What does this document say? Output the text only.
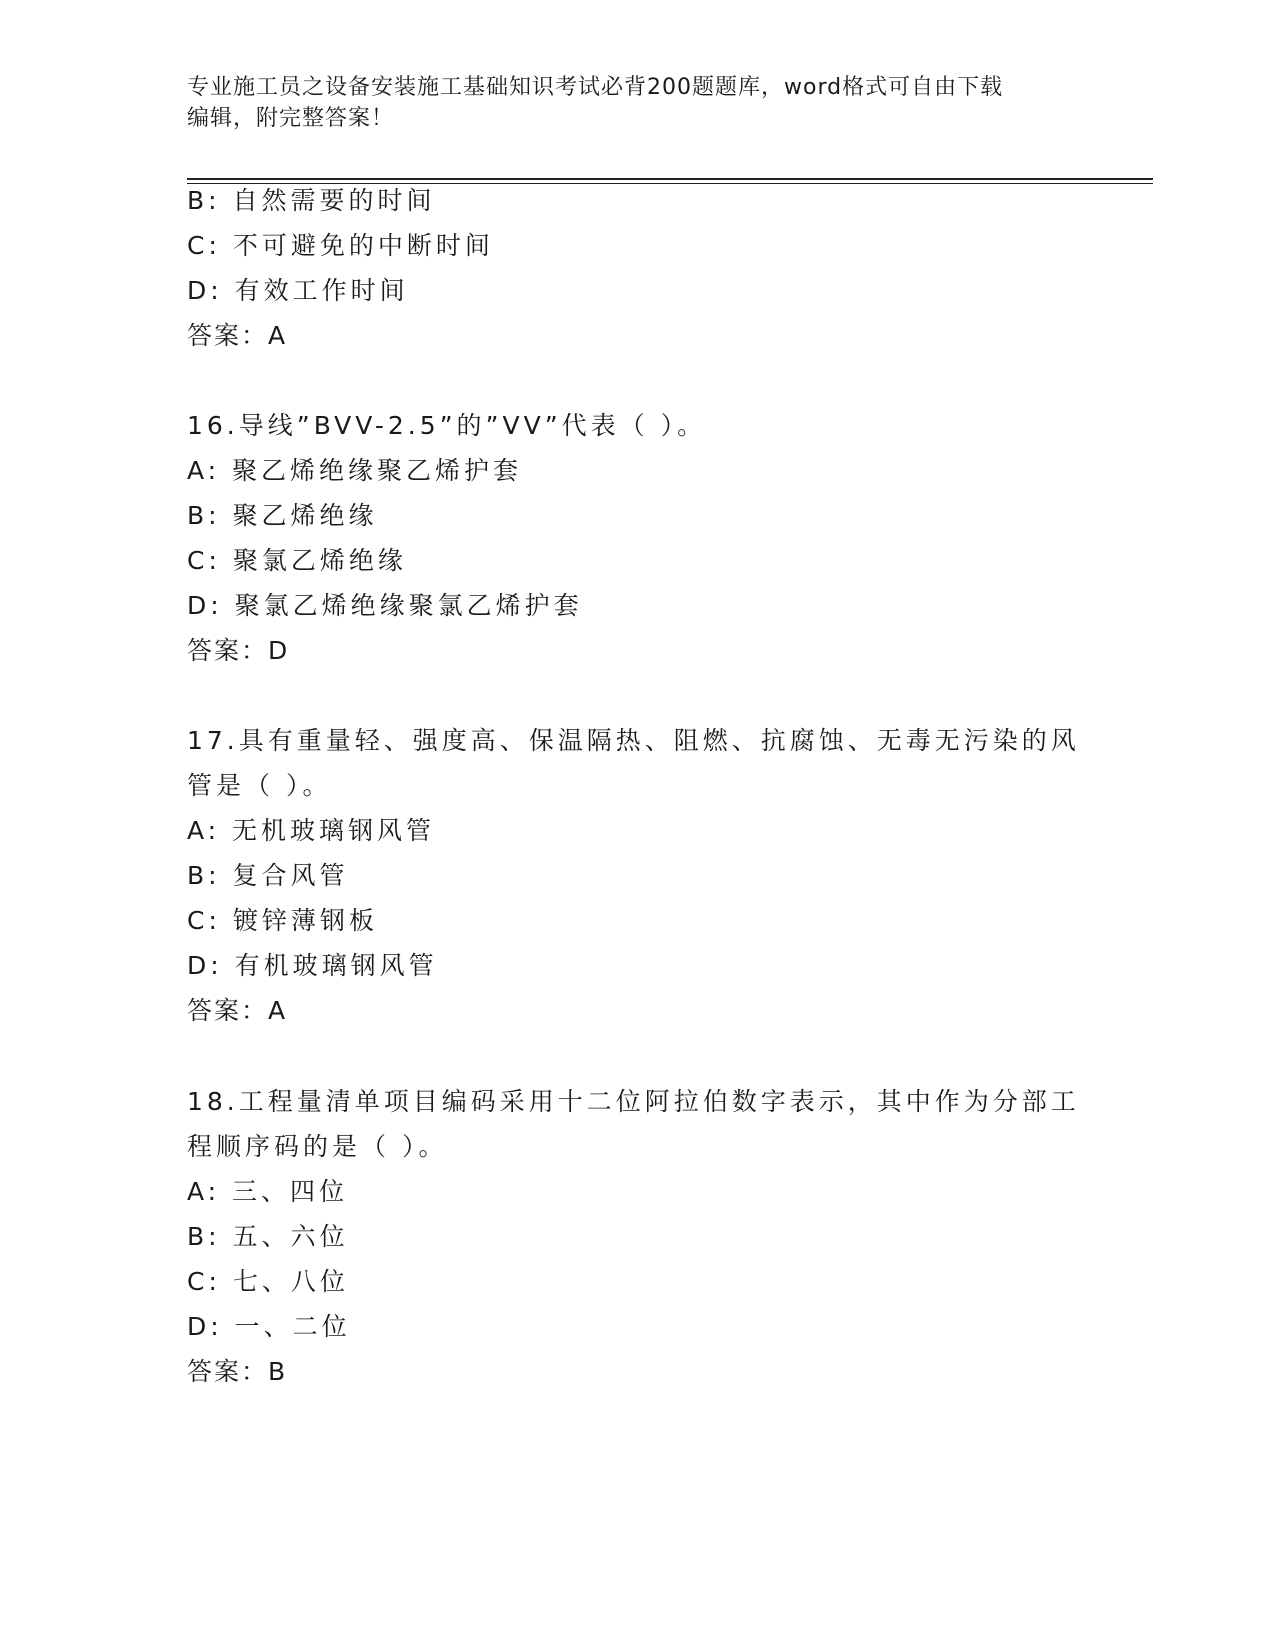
专业施工员之设备安装施工基础知识考试必背200题题库，word格式可自由下载
编辑，附完整答案！
B: 自然需要的时间
C: 不可避免的中断时间
D: 有效工作时间
答案：A
16.导线”BVV-2.5”的”VV”代表（ ）。
A: 聚乙烯绝缘聚乙烯护套
B: 聚乙烯绝缘
C: 聚氯乙烯绝缘
D: 聚氯乙烯绝缘聚氯乙烯护套
答案：D
17.具有重量轻、强度高、保温隔热、阻燃、抗腐蚀、无毒无污染的风
管是（ ）。
A: 无机玻璃钢风管
B: 复合风管
C: 镀锌薄钢板
D: 有机玻璃钢风管
答案：A
18.工程量清单项目编码采用十二位阿拉伯数字表示，其中作为分部工
程顺序码的是（ ）。
A: 三、四位
B: 五、六位
C: 七、八位
D: 一、二位
答案：B
